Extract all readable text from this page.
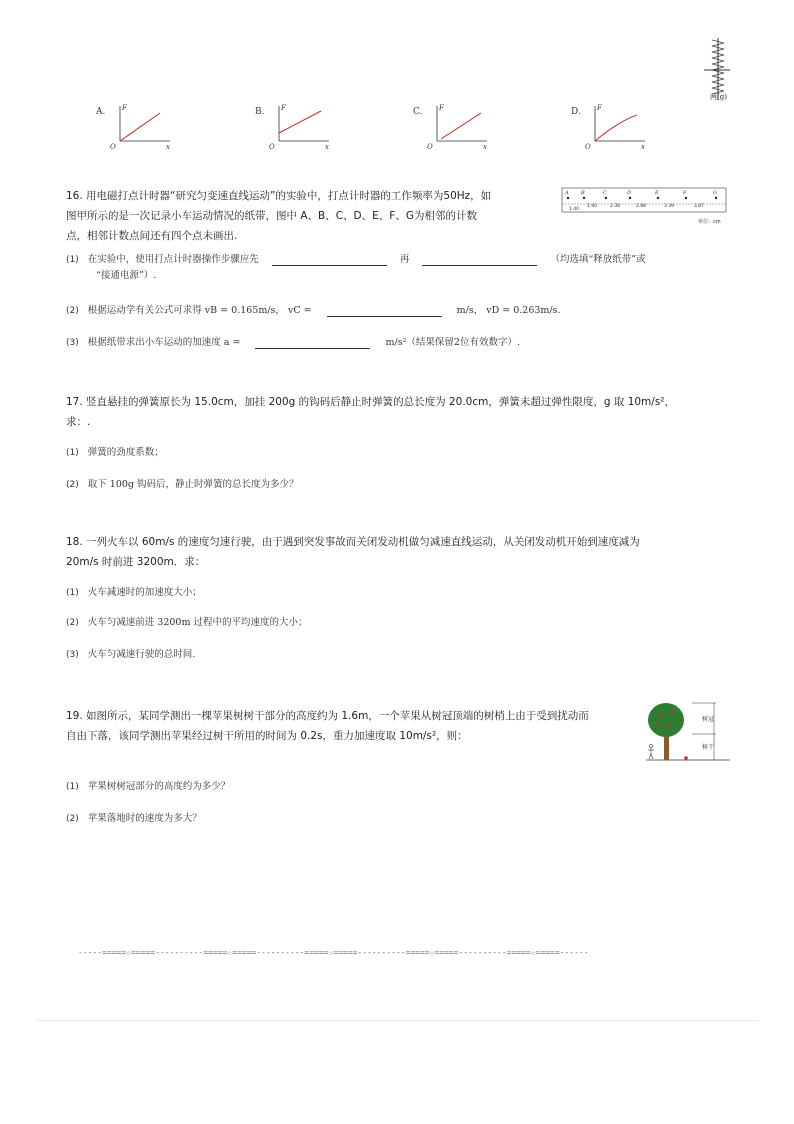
两(g)
A. F
O	x
B. F
O	x
C. F
O	x
D. F
O	x
16. 用电磁打点计时器“研究匀变速直线运动”的实验中，打点计时器的工作频率为50Hz，如
图甲所示的是一次记录小车运动情况的纸带，图中 A、B、C、D、E、F、G为相邻的计数
点，相邻计数点间还有四个点未画出.
A B	C	D	E	F	G
1.40
1.90	2.38	2.88	3.39	3.87
单位：cm
(1) 在实验中，使用打点计时器操作步骤应先	再	（均选填“释放纸带”或
“接通电源”）.
(2) 根据运动学有关公式可求得 vB = 0.165m/s， vC =	m/s， vD = 0.263m/s.
(3) 根据纸带求出小车运动的加速度 a =	m/s²（结果保留2位有效数字）.
17. 竖直悬挂的弹簧原长为 15.0cm，加挂 200g 的钩码后静止时弹簧的总长度为 20.0cm，弹簧未超过弹性限度，g 取 10m/s²，
求：.
(1) 弹簧的劲度系数；
(2) 取下 100g 钩码后，静止时弹簧的总长度为多少？
18. 一列火车以 60m/s 的速度匀速行驶，由于遇到突发事故而关闭发动机做匀减速直线运动，从关闭发动机开始到速度减为
20m/s 时前进 3200m．求：
(1) 火车减速时的加速度大小；
(2) 火车匀减速前进 3200m 过程中的平均速度的大小；
(3) 火车匀减速行驶的总时间.
19. 如图所示，某同学测出一棵苹果树树干部分的高度约为 1.6m，一个苹果从树冠顶端的树梢上由于受到扰动而
自由下落，该同学测出苹果经过树干所用的时间为 0.2s，重力加速度取 10m/s²，则：
树冠
树干
(1) 苹果树树冠部分的高度约为多少？
(2) 苹果落地时的速度为多大？
-----=====☆=====----------=====☆=====----------=====☆=====----------=====☆=====----------=====☆=====------
